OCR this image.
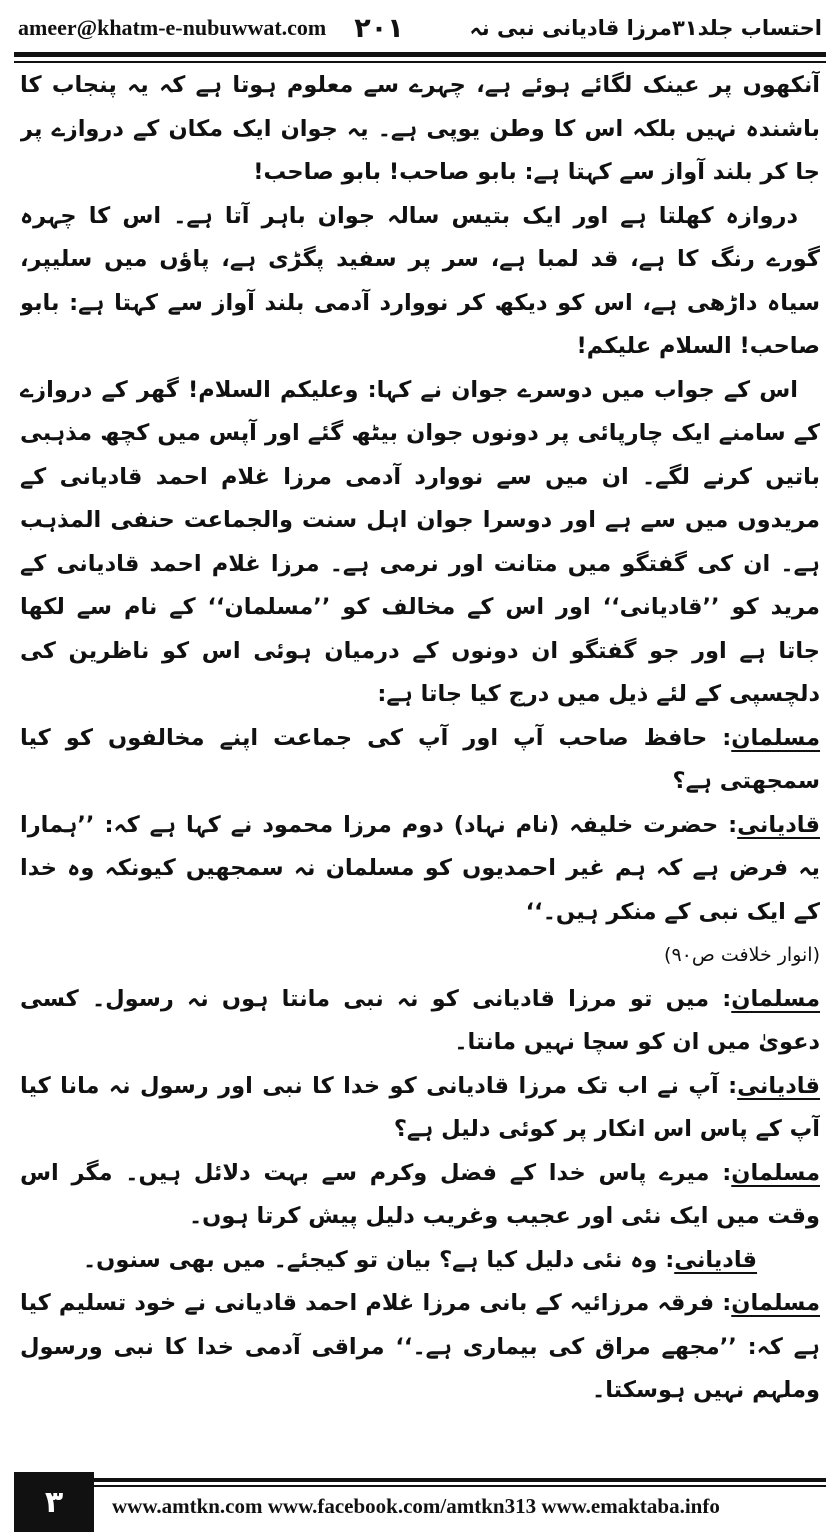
ameer@khatm-e-nubuwwat.com ۲۰۱	احتساب جلد۳۱مرزا قادیانی نبی نہ

آنکھوں پر عینک لگائے ہوئے ہے، چہرے سے معلوم ہوتا ہے کہ یہ پنجاب کا باشندہ نہیں بلکہ اس کا وطن یوپی ہے۔ یہ جوان ایک مکان کے دروازے پر جا کر بلند آواز سے کہتا ہے: بابو صاحب! بابو صاحب!

دروازہ کھلتا ہے اور ایک بتیس سالہ جوان باہر آتا ہے۔ اس کا چہرہ گورے رنگ کا ہے، قد لمبا ہے، سر پر سفید پگڑی ہے، پاؤں میں سلیپر، سیاہ داڑھی ہے، اس کو دیکھ کر نووارد آدمی بلند آواز سے کہتا ہے: بابو صاحب! السلام علیکم!

اس کے جواب میں دوسرے جوان نے کہا: وعلیکم السلام! گھر کے دروازے کے سامنے ایک چارپائی پر دونوں جوان بیٹھ گئے اور آپس میں کچھ مذہبی باتیں کرنے لگے۔ ان میں سے نووارد آدمی مرزا غلام احمد قادیانی کے مریدوں میں سے ہے اور دوسرا جوان اہل سنت والجماعت حنفی المذہب ہے۔ ان کی گفتگو میں متانت اور نرمی ہے۔ مرزا غلام احمد قادیانی کے مرید کو ’’قادیانی‘‘ اور اس کے مخالف کو ’’مسلمان‘‘ کے نام سے لکھا جاتا ہے اور جو گفتگو ان دونوں کے درمیان ہوئی اس کو ناظرین کی دلچسپی کے لئے ذیل میں درج کیا جاتا ہے:

مسلمان: حافظ صاحب آپ اور آپ کی جماعت اپنے مخالفوں کو کیا سمجھتی ہے؟

قادیانی: حضرت خلیفہ (نام نہاد) دوم مرزا محمود نے کہا ہے کہ: ’’ہمارا یہ فرض ہے کہ ہم غیر احمدیوں کو مسلمان نہ سمجھیں کیونکہ وہ خدا کے ایک نبی کے منکر ہیں۔‘‘

(انوار خلافت ص۹۰)

مسلمان: میں تو مرزا قادیانی کو نہ نبی مانتا ہوں نہ رسول۔ کسی دعویٰ میں ان کو سچا نہیں مانتا۔

قادیانی: آپ نے اب تک مرزا قادیانی کو خدا کا نبی اور رسول نہ مانا کیا آپ کے پاس اس انکار پر کوئی دلیل ہے؟

مسلمان: میرے پاس خدا کے فضل وکرم سے بہت دلائل ہیں۔ مگر اس وقت میں ایک نئی اور عجیب وغریب دلیل پیش کرتا ہوں۔

قادیانی: وہ نئی دلیل کیا ہے؟ بیان تو کیجئے۔ میں بھی سنوں۔

مسلمان: فرقہ مرزائیہ کے بانی مرزا غلام احمد قادیانی نے خود تسلیم کیا ہے کہ: ’’مجھے مراق کی بیماری ہے۔‘‘ مراقی آدمی خدا کا نبی ورسول وملہم نہیں ہوسکتا۔

۳	www.amtkn.com www.facebook.com/amtkn313 www.emaktaba.info
